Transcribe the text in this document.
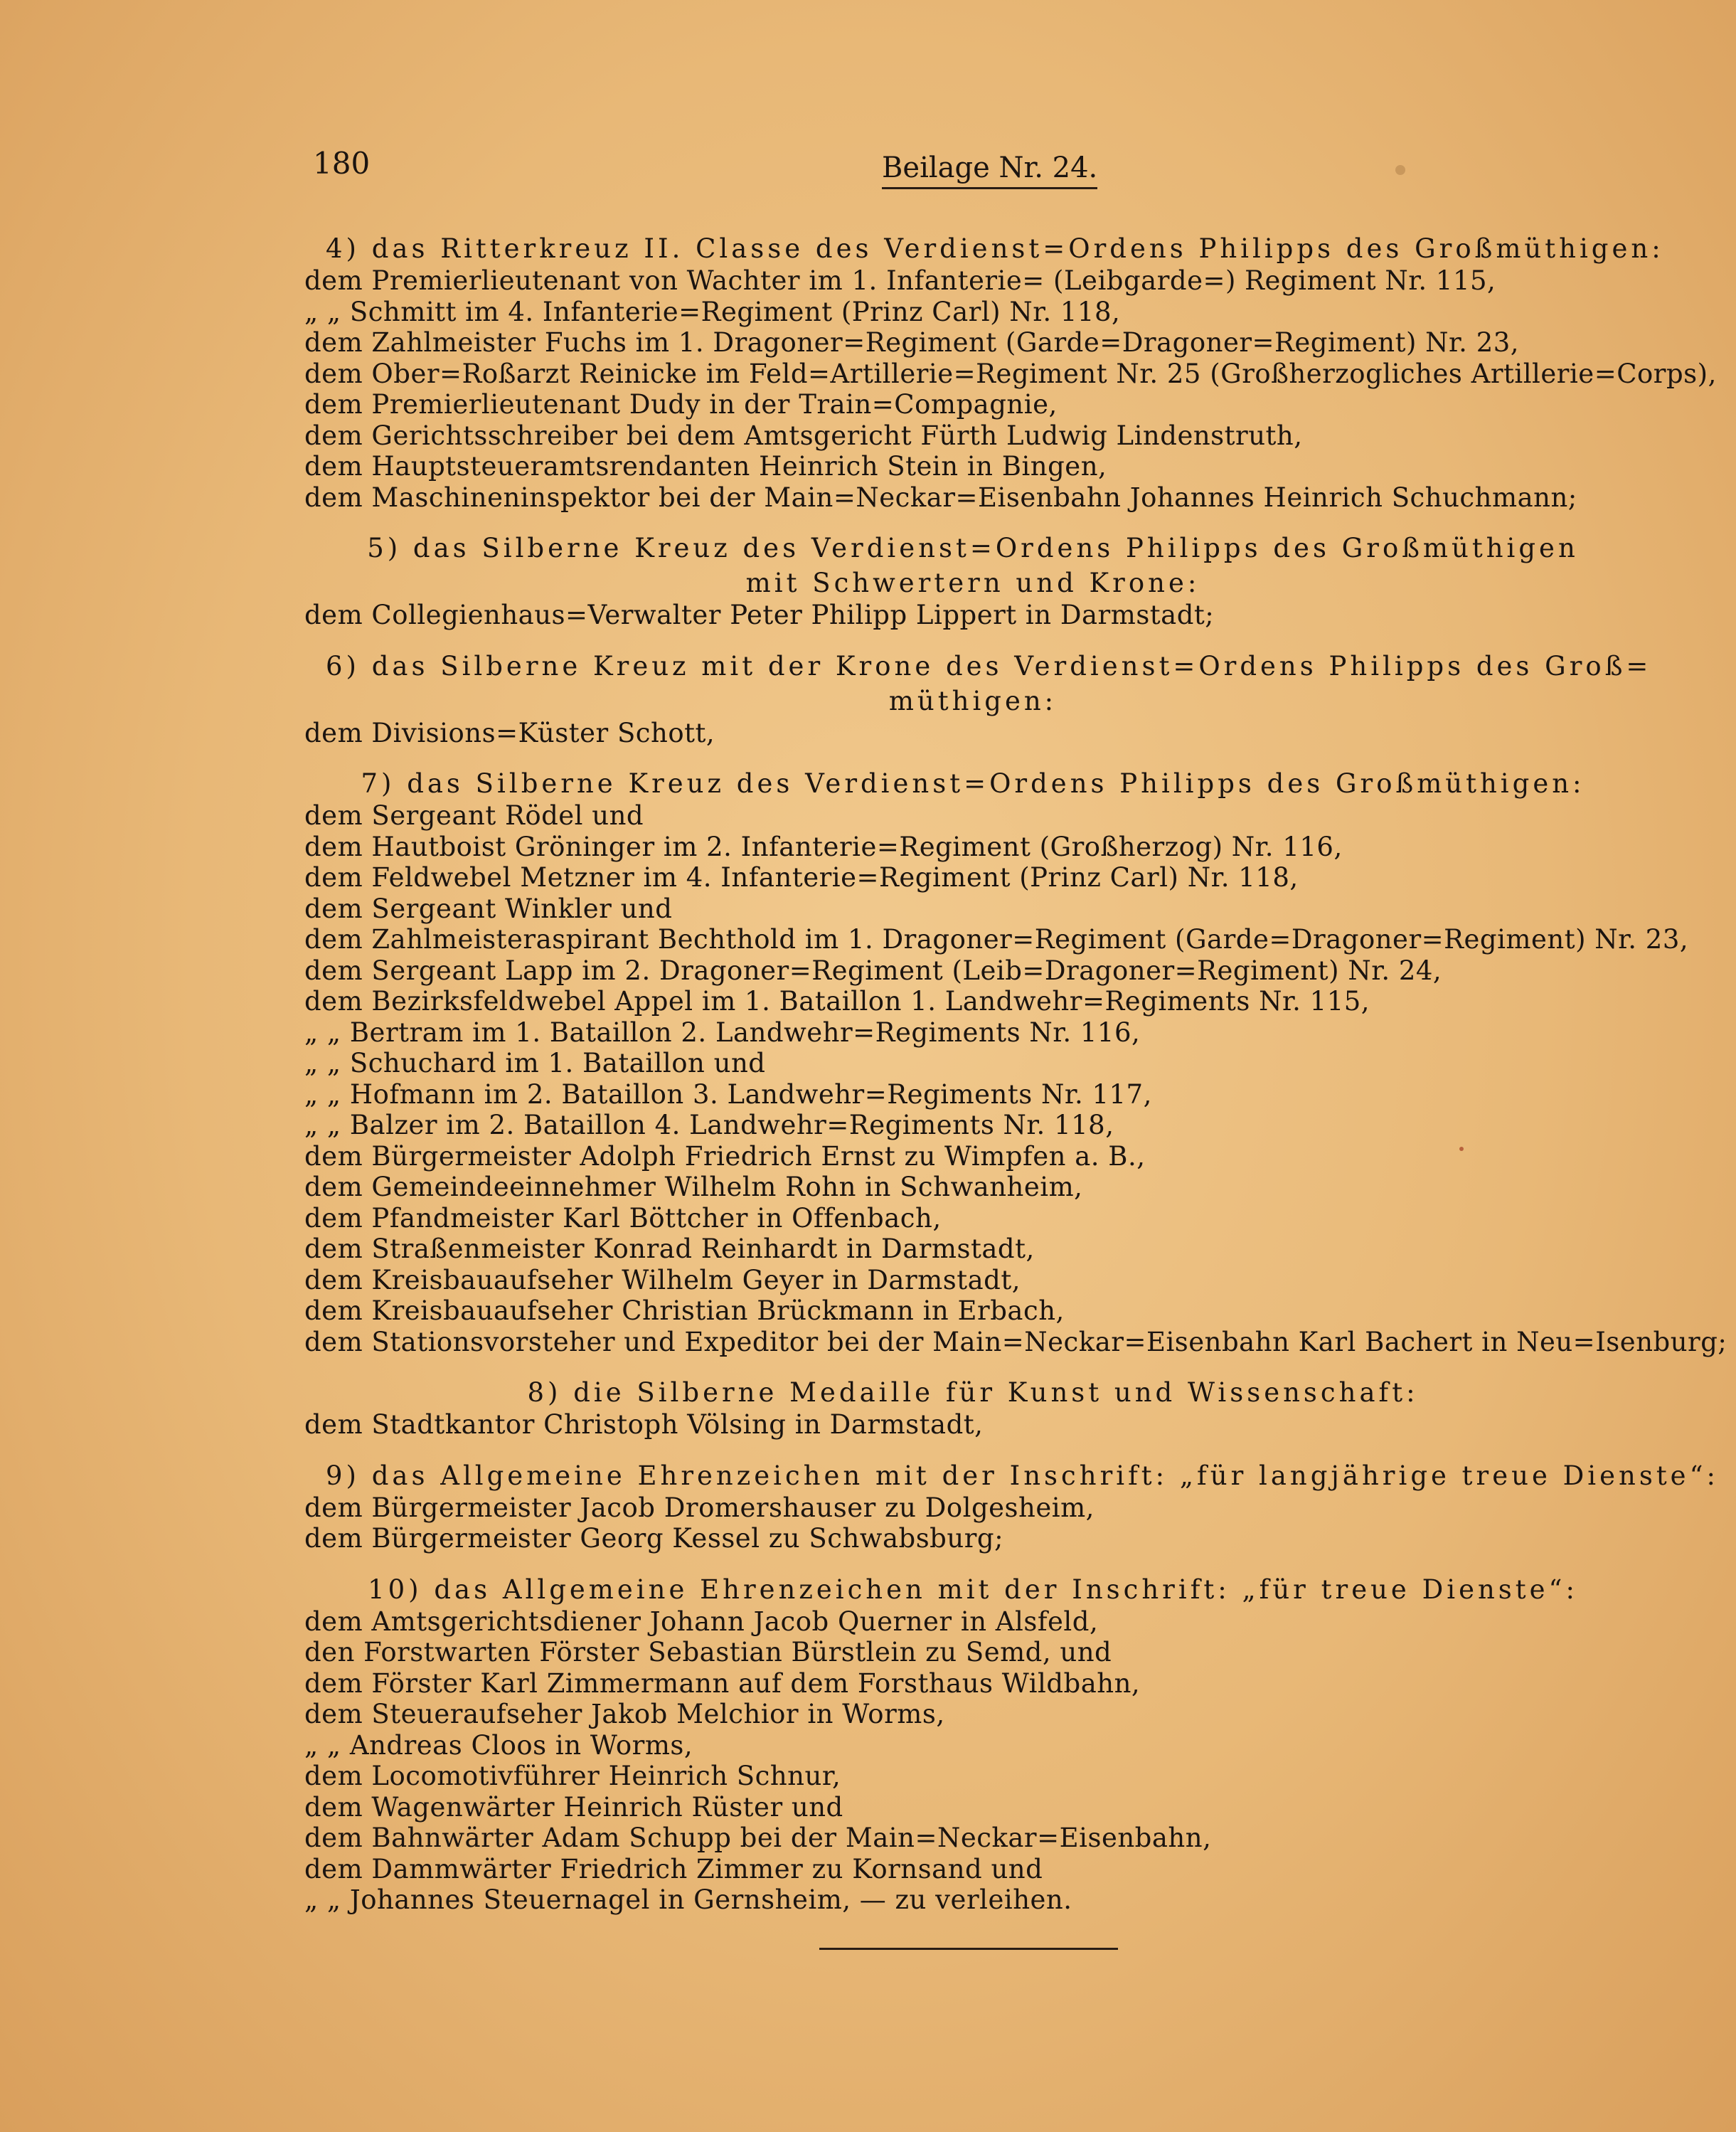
180	Beilage Nr. 24.
4) das Ritterkreuz II. Classe des Verdienst=Ordens Philipps des Großmüthigen:
dem Premierlieutenant von Wachter im 1. Infanterie= (Leibgarde=) Regiment Nr. 115,
„ „ Schmitt im 4. Infanterie=Regiment (Prinz Carl) Nr. 118,
dem Zahlmeister Fuchs im 1. Dragoner=Regiment (Garde=Dragoner=Regiment) Nr. 23,
dem Ober=Roßarzt Reinicke im Feld=Artillerie=Regiment Nr. 25 (Großherzogliches Artillerie=Corps),
dem Premierlieutenant Dudy in der Train=Compagnie,
dem Gerichtsschreiber bei dem Amtsgericht Fürth Ludwig Lindenstruth,
dem Hauptsteueramtsrendanten Heinrich Stein in Bingen,
dem Maschineninspektor bei der Main=Neckar=Eisenbahn Johannes Heinrich Schuchmann;
5) das Silberne Kreuz des Verdienst=Ordens Philipps des Großmüthigen
mit Schwertern und Krone:
dem Collegienhaus=Verwalter Peter Philipp Lippert in Darmstadt;
6) das Silberne Kreuz mit der Krone des Verdienst=Ordens Philipps des Groß=
müthigen:
dem Divisions=Küster Schott,
7) das Silberne Kreuz des Verdienst=Ordens Philipps des Großmüthigen:
dem Sergeant Rödel und
dem Hautboist Gröninger im 2. Infanterie=Regiment (Großherzog) Nr. 116,
dem Feldwebel Metzner im 4. Infanterie=Regiment (Prinz Carl) Nr. 118,
dem Sergeant Winkler und
dem Zahlmeisteraspirant Bechthold im 1. Dragoner=Regiment (Garde=Dragoner=Regiment) Nr. 23,
dem Sergeant Lapp im 2. Dragoner=Regiment (Leib=Dragoner=Regiment) Nr. 24,
dem Bezirksfeldwebel Appel im 1. Bataillon 1. Landwehr=Regiments Nr. 115,
„ „ Bertram im 1. Bataillon 2. Landwehr=Regiments Nr. 116,
„ „ Schuchard im 1. Bataillon und
„ „ Hofmann im 2. Bataillon 3. Landwehr=Regiments Nr. 117,
„ „ Balzer im 2. Bataillon 4. Landwehr=Regiments Nr. 118,
dem Bürgermeister Adolph Friedrich Ernst zu Wimpfen a. B.,
dem Gemeindeeinnehmer Wilhelm Rohn in Schwanheim,
dem Pfandmeister Karl Böttcher in Offenbach,
dem Straßenmeister Konrad Reinhardt in Darmstadt,
dem Kreisbauaufseher Wilhelm Geyer in Darmstadt,
dem Kreisbauaufseher Christian Brückmann in Erbach,
dem Stationsvorsteher und Expeditor bei der Main=Neckar=Eisenbahn Karl Bachert in Neu=Isenburg;
8) die Silberne Medaille für Kunst und Wissenschaft:
dem Stadtkantor Christoph Völsing in Darmstadt,
9) das Allgemeine Ehrenzeichen mit der Inschrift: „für langjährige treue Dienste“:
dem Bürgermeister Jacob Dromershauser zu Dolgesheim,
dem Bürgermeister Georg Kessel zu Schwabsburg;
10) das Allgemeine Ehrenzeichen mit der Inschrift: „für treue Dienste“:
dem Amtsgerichtsdiener Johann Jacob Querner in Alsfeld,
den Forstwarten Förster Sebastian Bürstlein zu Semd, und
dem Förster Karl Zimmermann auf dem Forsthaus Wildbahn,
dem Steueraufseher Jakob Melchior in Worms,
„ „ Andreas Cloos in Worms,
dem Locomotivführer Heinrich Schnur,
dem Wagenwärter Heinrich Rüster und
dem Bahnwärter Adam Schupp bei der Main=Neckar=Eisenbahn,
dem Dammwärter Friedrich Zimmer zu Kornsand und
„ „ Johannes Steuernagel in Gernsheim, — zu verleihen.
